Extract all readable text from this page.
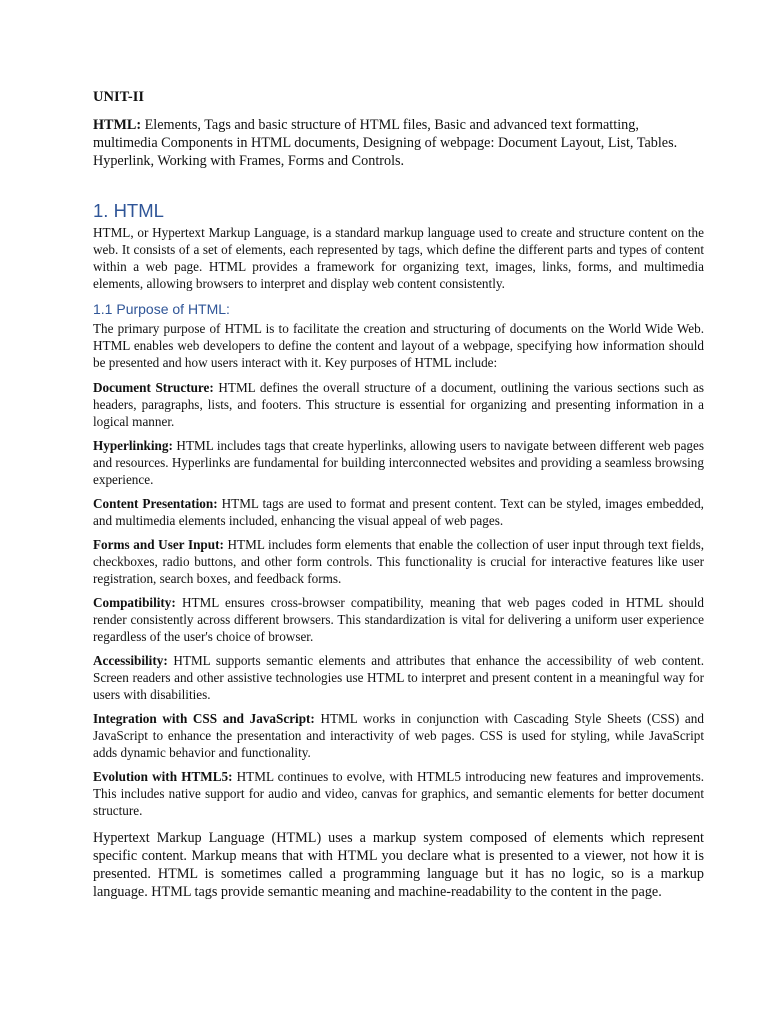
UNIT-II

HTML: Elements, Tags and basic structure of HTML files, Basic and advanced text formatting, multimedia Components in HTML documents, Designing of webpage: Document Layout, List, Tables. Hyperlink, Working with Frames, Forms and Controls.

1. HTML

HTML, or Hypertext Markup Language, is a standard markup language used to create and structure content on the web. It consists of a set of elements, each represented by tags, which define the different parts and types of content within a web page. HTML provides a framework for organizing text, images, links, forms, and multimedia elements, allowing browsers to interpret and display web content consistently.

1.1 Purpose of HTML:

The primary purpose of HTML is to facilitate the creation and structuring of documents on the World Wide Web. HTML enables web developers to define the content and layout of a webpage, specifying how information should be presented and how users interact with it. Key purposes of HTML include:

Document Structure: HTML defines the overall structure of a document, outlining the various sections such as headers, paragraphs, lists, and footers. This structure is essential for organizing and presenting information in a logical manner.

Hyperlinking: HTML includes tags that create hyperlinks, allowing users to navigate between different web pages and resources. Hyperlinks are fundamental for building interconnected websites and providing a seamless browsing experience.

Content Presentation: HTML tags are used to format and present content. Text can be styled, images embedded, and multimedia elements included, enhancing the visual appeal of web pages.

Forms and User Input: HTML includes form elements that enable the collection of user input through text fields, checkboxes, radio buttons, and other form controls. This functionality is crucial for interactive features like user registration, search boxes, and feedback forms.

Compatibility: HTML ensures cross-browser compatibility, meaning that web pages coded in HTML should render consistently across different browsers. This standardization is vital for delivering a uniform user experience regardless of the user's choice of browser.

Accessibility: HTML supports semantic elements and attributes that enhance the accessibility of web content. Screen readers and other assistive technologies use HTML to interpret and present content in a meaningful way for users with disabilities.

Integration with CSS and JavaScript: HTML works in conjunction with Cascading Style Sheets (CSS) and JavaScript to enhance the presentation and interactivity of web pages. CSS is used for styling, while JavaScript adds dynamic behavior and functionality.

Evolution with HTML5: HTML continues to evolve, with HTML5 introducing new features and improvements. This includes native support for audio and video, canvas for graphics, and semantic elements for better document structure.

Hypertext Markup Language (HTML) uses a markup system composed of elements which represent specific content. Markup means that with HTML you declare what is presented to a viewer, not how it is presented. HTML is sometimes called a programming language but it has no logic, so is a markup language. HTML tags provide semantic meaning and machine-readability to the content in the page.
